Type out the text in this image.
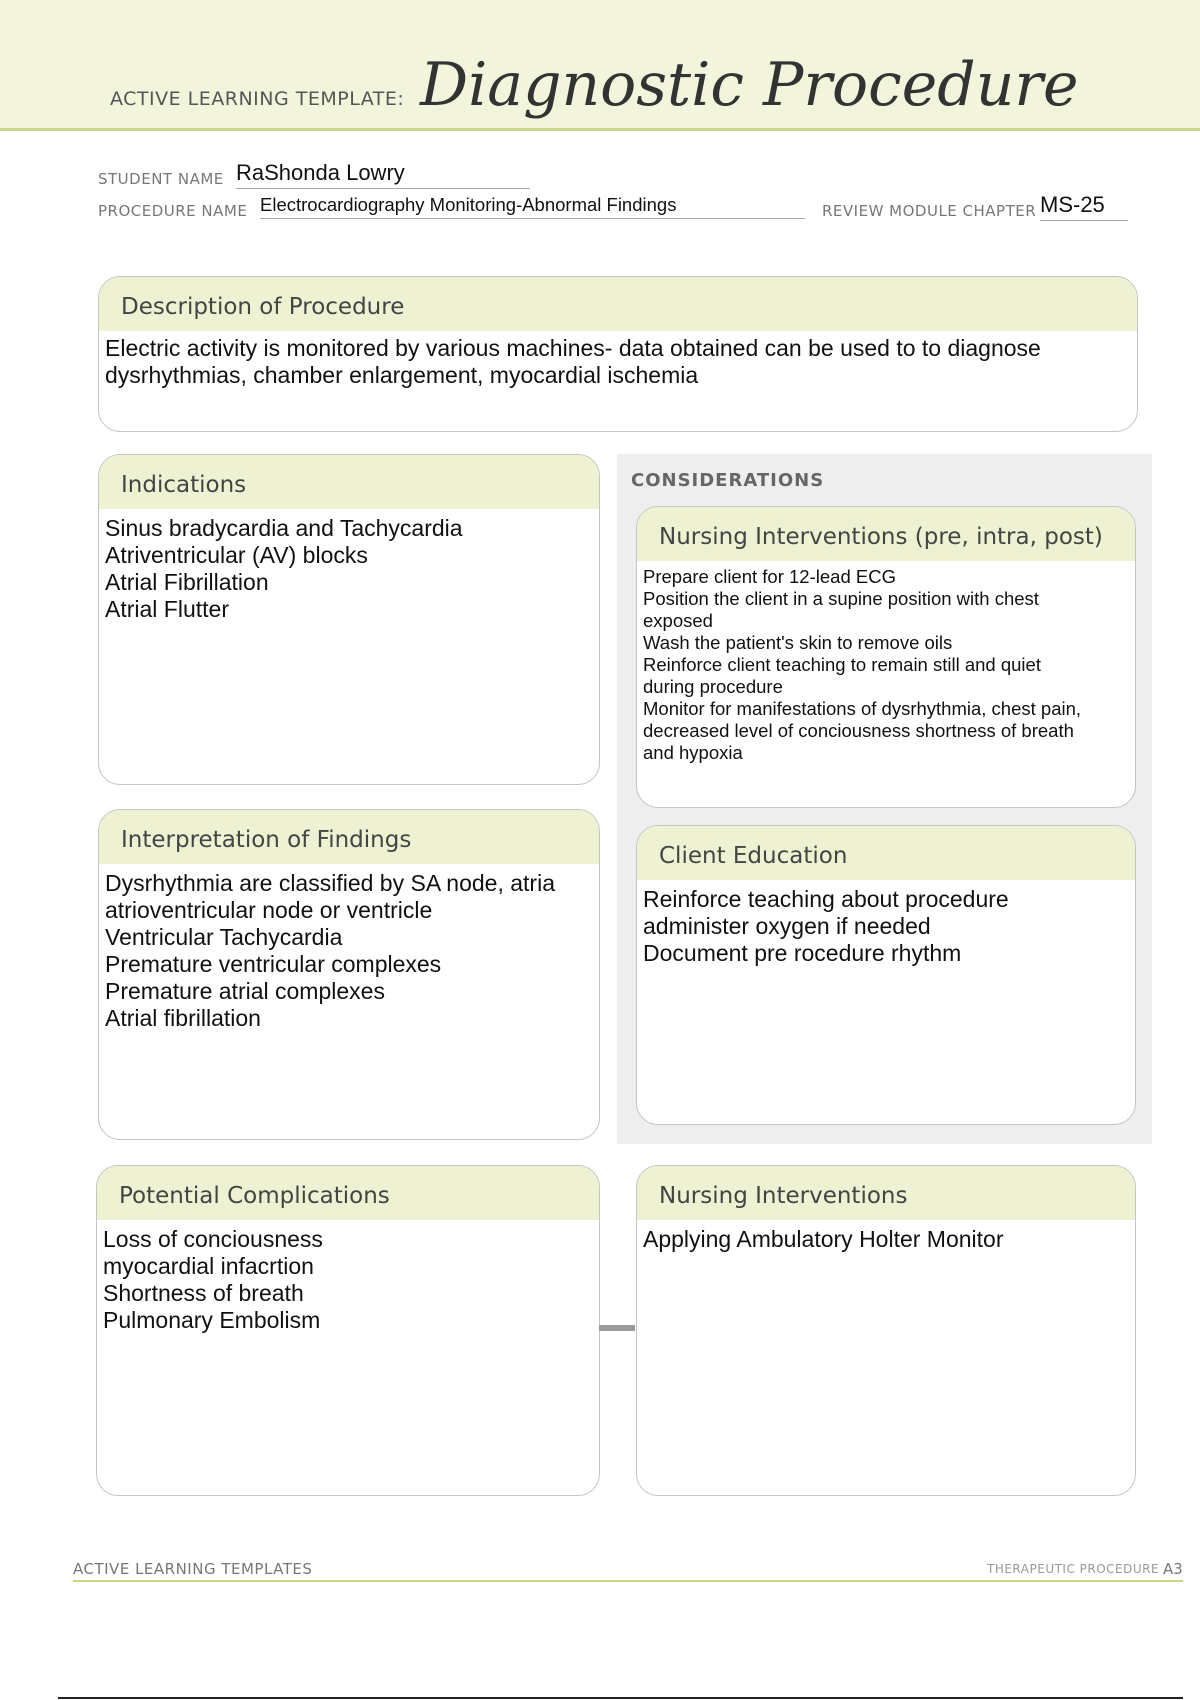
ACTIVE LEARNING TEMPLATE: Diagnostic Procedure
STUDENT NAME RaShonda Lowry
PROCEDURE NAME Electrocardiography Monitoring-Abnormal Findings	REVIEW MODULE CHAPTER MS-25
Description of Procedure
Electric activity is monitored by various machines- data obtained can be used to to diagnose
dysrhythmias, chamber enlargement, myocardial ischemia
Indications
Sinus bradycardia and Tachycardia
Atriventricular (AV) blocks
Atrial Fibrillation
Atrial Flutter
CONSIDERATIONS
Nursing Interventions (pre, intra, post)
Prepare client for 12-lead ECG
Position the client in a supine position with chest
exposed
Wash the patient's skin to remove oils
Reinforce client teaching to remain still and quiet
during procedure
Monitor for manifestations of dysrhythmia, chest pain,
decreased level of conciousness shortness of breath
and hypoxia
Interpretation of Findings
Dysrhythmia are classified by SA node, atria
atrioventricular node or ventricle
Ventricular Tachycardia
Premature ventricular complexes
Premature atrial complexes
Atrial fibrillation
Client Education
Reinforce teaching about procedure
administer oxygen if needed
Document pre rocedure rhythm
Potential Complications
Loss of conciousness
myocardial infacrtion
Shortness of breath
Pulmonary Embolism
Nursing Interventions
Applying Ambulatory Holter Monitor
ACTIVE LEARNING TEMPLATES	THERAPEUTIC PROCEDURE A3
